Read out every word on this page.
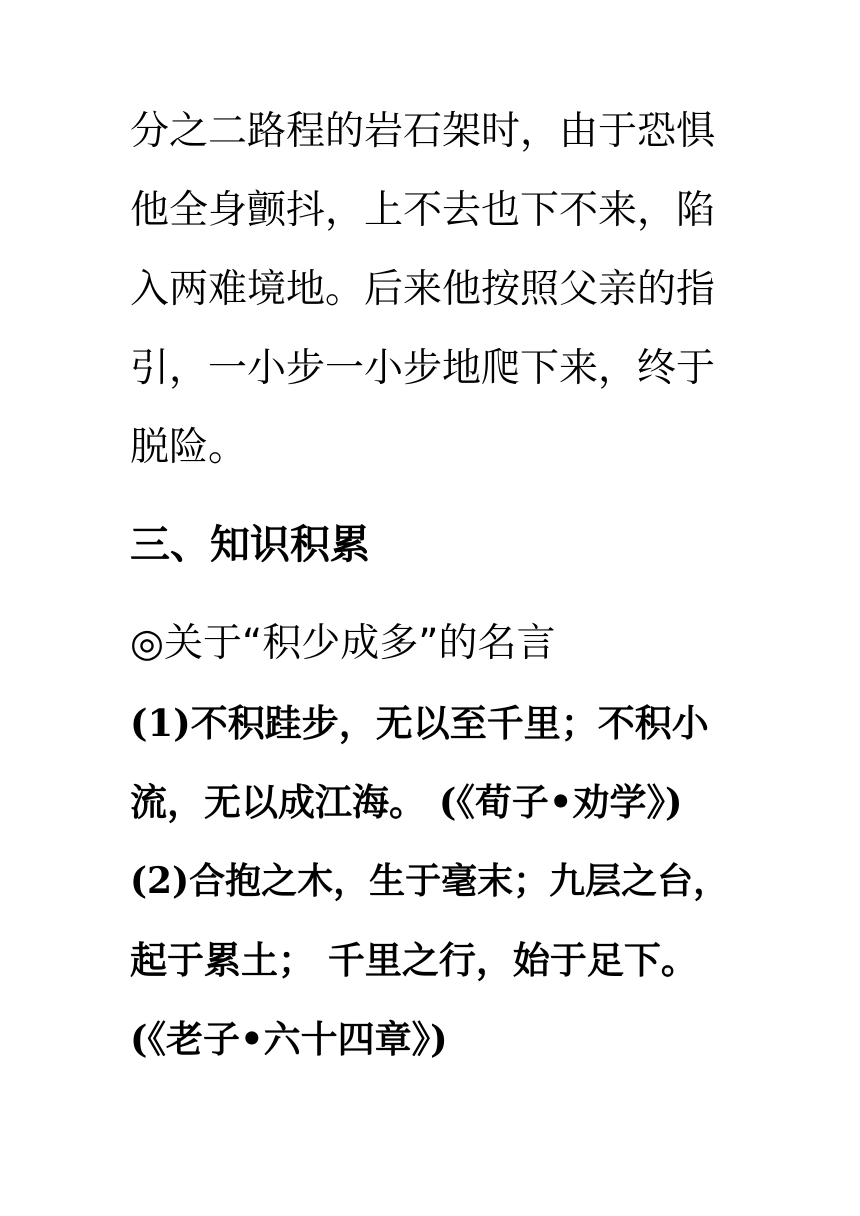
分之二路程的岩石架时，由于恐惧
他全身颤抖，上不去也下不来，陷
入两难境地。后来他按照父亲的指
引，一小步一小步地爬下来，终于
脱险。
三、知识积累
◎关于“积少成多”的名言
(1)不积跬步，无以至千里；不积小
流，无以成江海。 (《荀子•劝学》)
(2)合抱之木，生于毫末；九层之台，
起于累土； 千里之行，始于足下。
(《老子•六十四章》)
